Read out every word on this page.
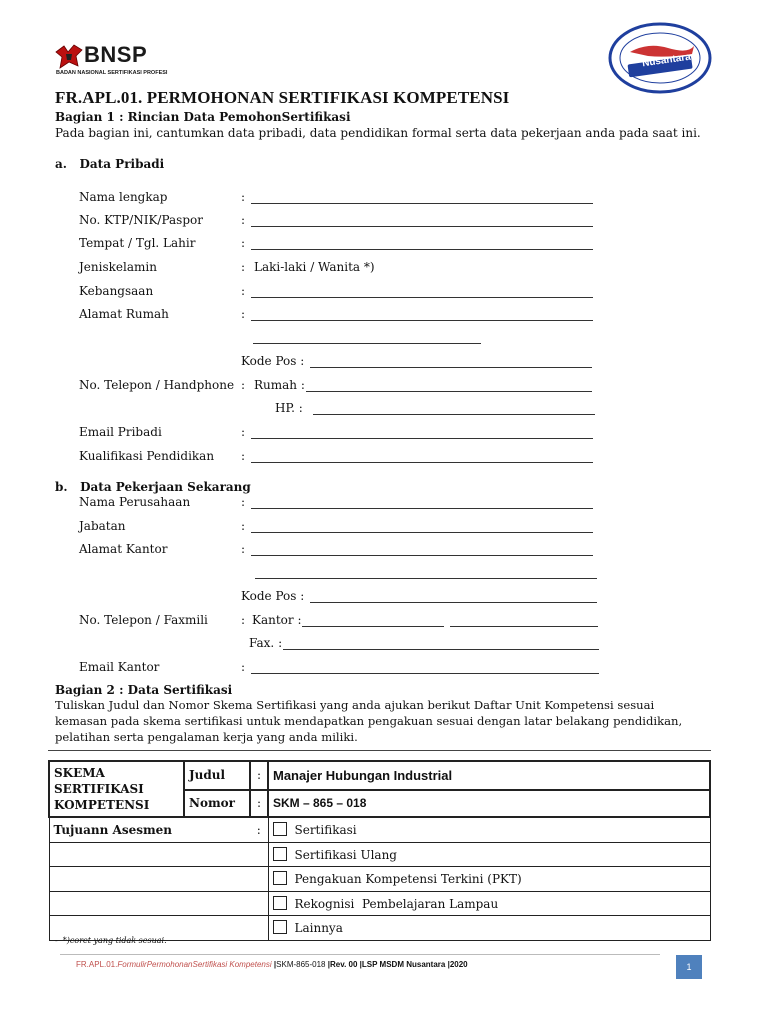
BNSP
BADAN NASIONAL SERTIFIKASI PROFESI
Nusantara
FR.APL.01. PERMOHONAN SERTIFIKASI KOMPETENSI
Bagian 1 : Rincian Data PemohonSertifikasi
Pada bagian ini, cantumkan data pribadi, data pendidikan formal serta data pekerjaan anda pada saat ini.
a.   Data Pribadi
Nama lengkap	:
No. KTP/NIK/Paspor	:
Tempat / Tgl. Lahir	:
Jeniskelamin	: Laki-laki / Wanita *)
Kebangsaan	:
Alamat Rumah	:
Kode Pos :
No. Telepon / Handphone : Rumah :
HP. :
Email Pribadi	:
Kualifikasi Pendidikan :
b.   Data Pekerjaan Sekarang
Nama Perusahaan	:
Jabatan	:
Alamat Kantor	:
Kode Pos :
No. Telepon / Faxmili	: Kantor :
Fax. :
Email Kantor	:
Bagian 2 : Data Sertifikasi
Tuliskan Judul dan Nomor Skema Sertifikasi yang anda ajukan berikut Daftar Unit Kompetensi sesuai
kemasan pada skema sertifikasi untuk mendapatkan pengakuan sesuai dengan latar belakang pendidikan,
pelatihan serta pengalaman kerja yang anda miliki.
SKEMA
SERTIFIKASI
KOMPETENSI	Judul	:	Manajer Hubungan Industrial
	Nomor	:	SKM – 865 – 018
Tujuann Asesmen		:	Sertifikasi
			Sertifikasi Ulang
			Pengakuan Kompetensi Terkini (PKT)
			Rekognisi  Pembelajaran Lampau
			Lainnya
-  *)coret yang tidak sesuai.
FR.APL.01.FormulirPermohonanSertifikasi Kompetensi |SKM-865-018 |Rev. 00 |LSP MSDM Nusantara |2020	1
